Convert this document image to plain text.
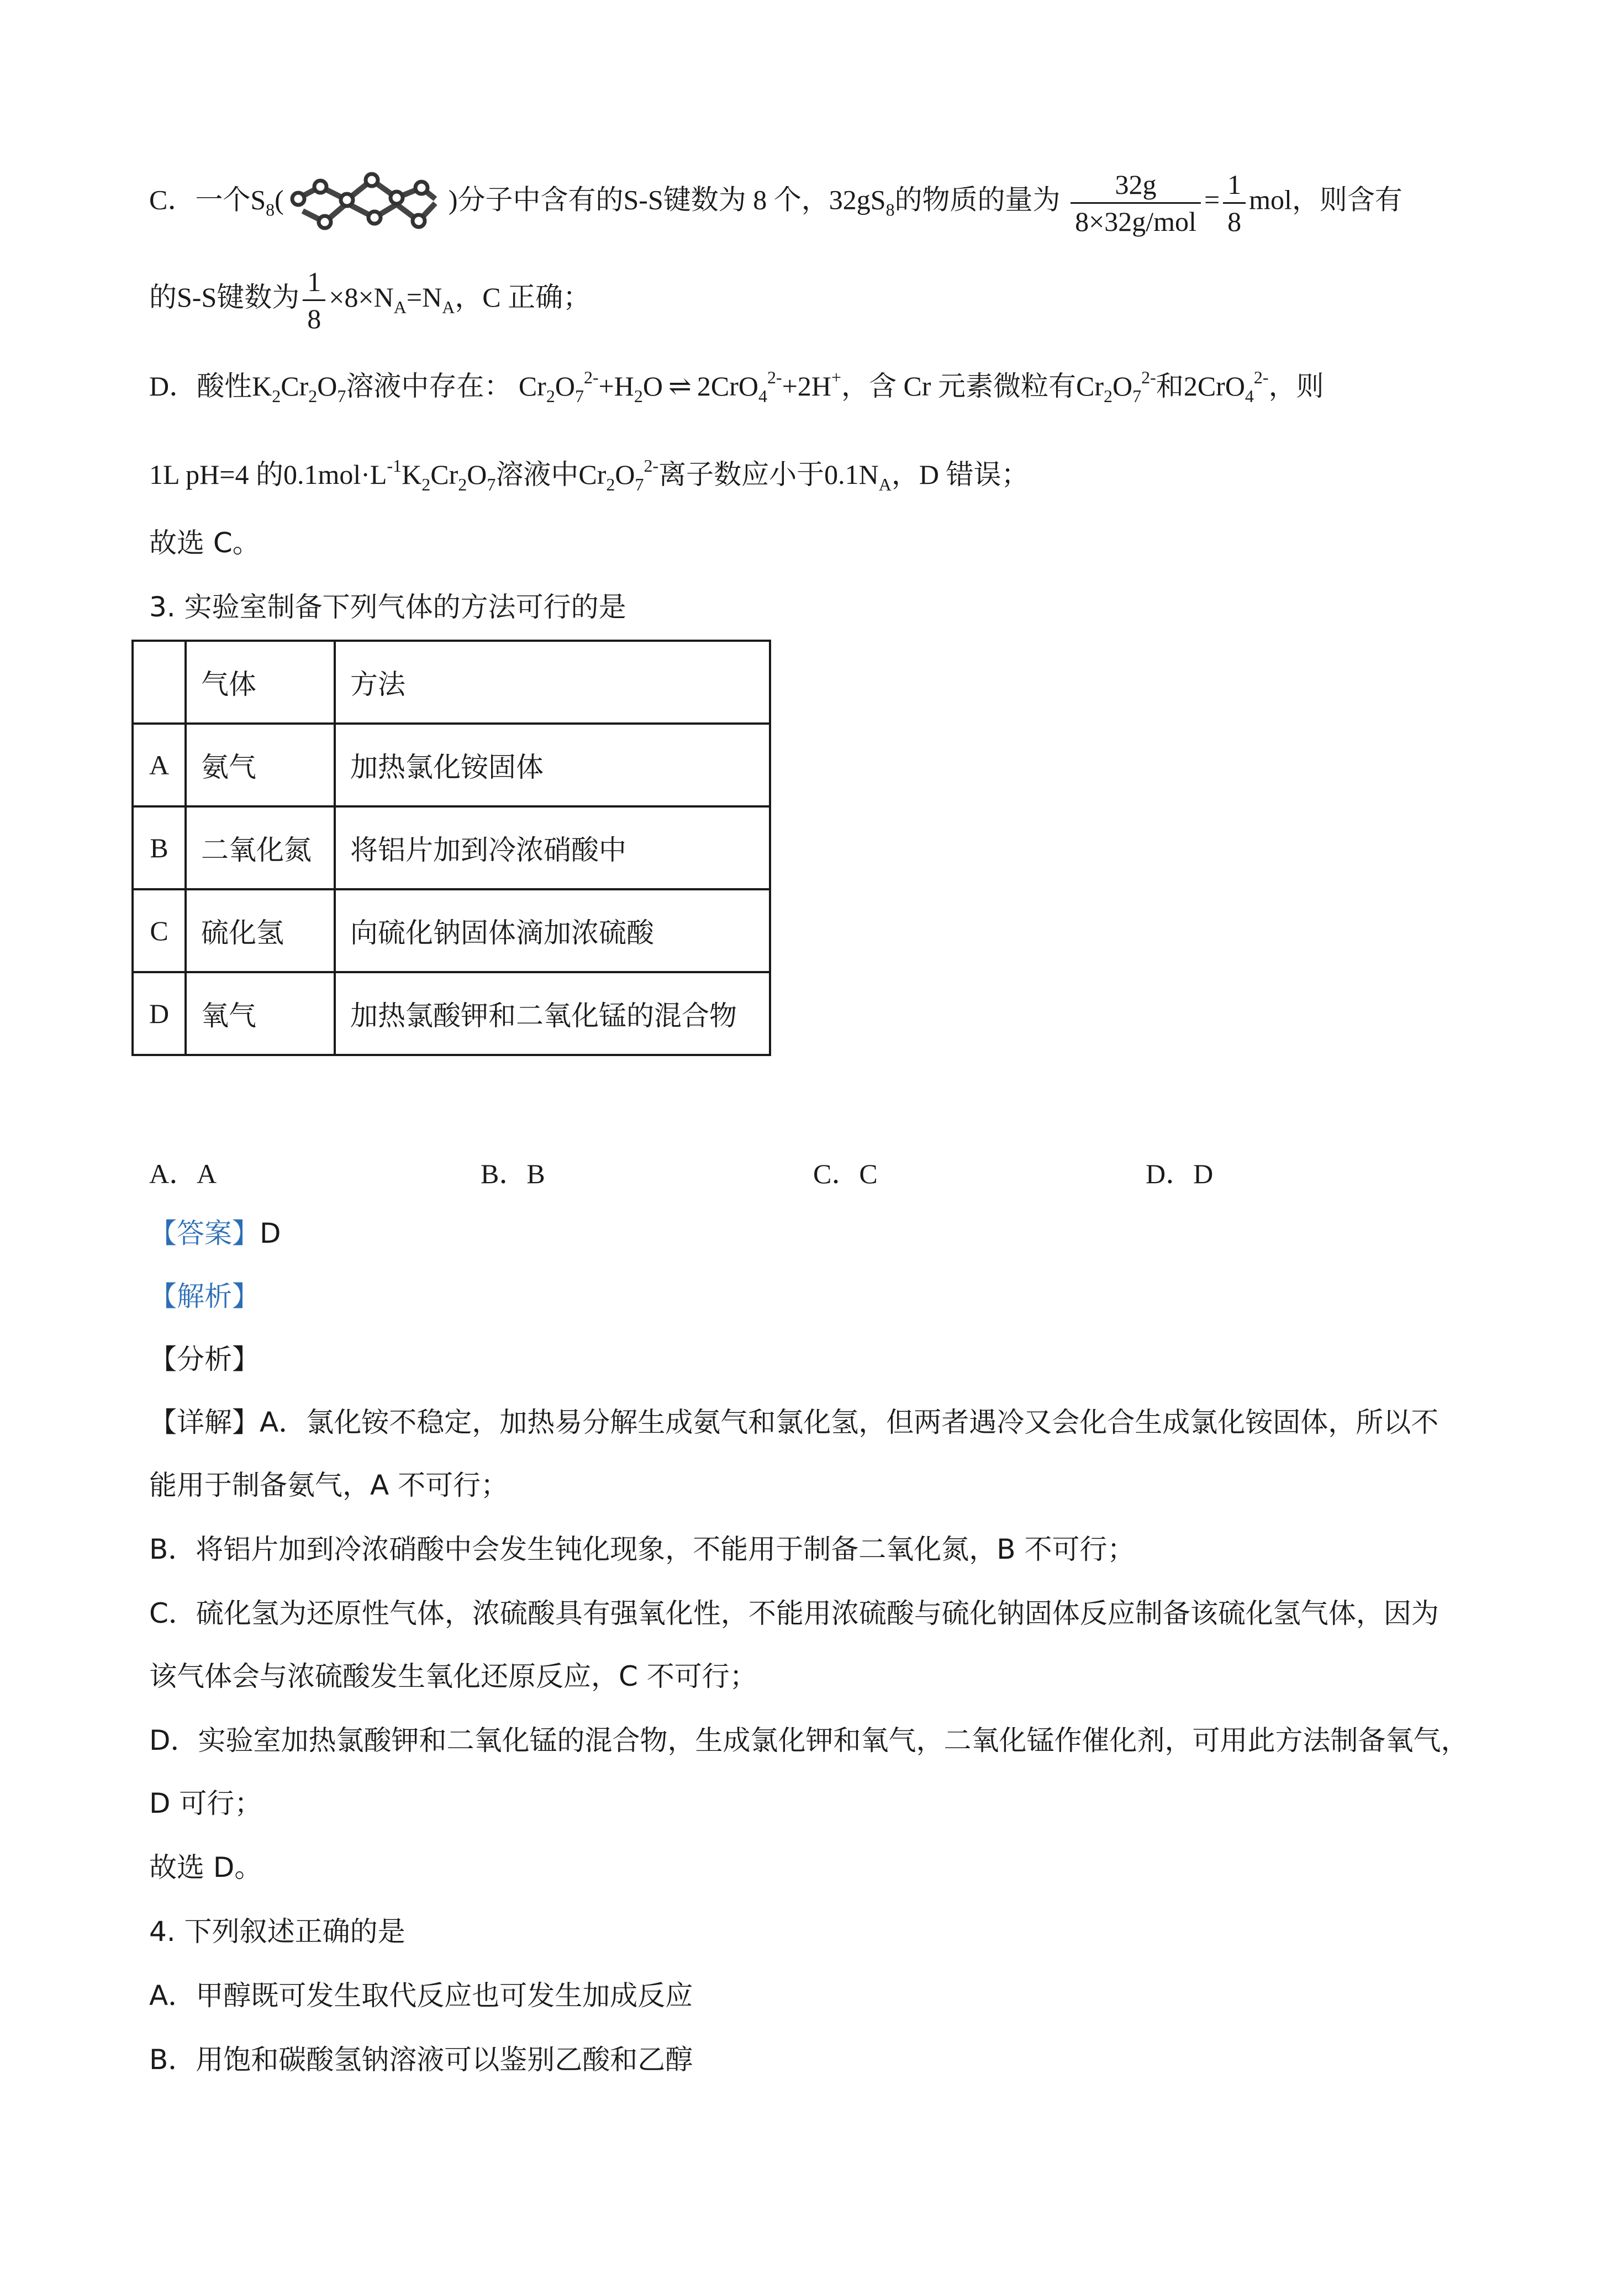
C．一个$S_8$(	)分子中含有的S-S键数为 8 个，$32gS_8$的物质的量为 $\frac{32g}{\text{8×32g/mol}} = \frac{1}{8}$ mol，则含有
的S-S键数为 $\frac{1}{8} \times 8\times N_A=N_A$，C 正确；
D．酸性$K_2Cr_2O_7$溶液中存在： $Cr_2O_7^{2-}+H_2O$ ⇌ 2CrO$_4^{2-}$+2H+，含 Cr 元素微粒有$Cr_2O_7^{2-}$和2CrO$_4^{2-}$，则
1L pH=4 的$0.1mol\cdot L^{-1}K_2Cr_2O_7$溶液中$Cr_2O_7^{2-}$离子数应小于$0.1N_A$，D 错误；
故选 C。
3. 实验室制备下列气体的方法可行的是
	气体	方法
A	氨气	加热氯化铵固体
B	二氧化氮	将铝片加到冷浓硝酸中
C	硫化氢	向硫化钠固体滴加浓硫酸
D	氧气	加热氯酸钾和二氧化锰的混合物
A．A	B．B	C．C	D．D
【答案】D
【解析】
【分析】
【详解】A．氯化铵不稳定，加热易分解生成氨气和氯化氢，但两者遇冷又会化合生成氯化铵固体，所以不
能用于制备氨气，A 不可行；
B．将铝片加到冷浓硝酸中会发生钝化现象，不能用于制备二氧化氮，B 不可行；
C．硫化氢为还原性气体，浓硫酸具有强氧化性，不能用浓硫酸与硫化钠固体反应制备该硫化氢气体，因为
该气体会与浓硫酸发生氧化还原反应，C 不可行；
D．实验室加热氯酸钾和二氧化锰的混合物，生成氯化钾和氧气，二氧化锰作催化剂，可用此方法制备氧气，
D 可行；
故选 D。
4. 下列叙述正确的是
A．甲醇既可发生取代反应也可发生加成反应
B．用饱和碳酸氢钠溶液可以鉴别乙酸和乙醇
